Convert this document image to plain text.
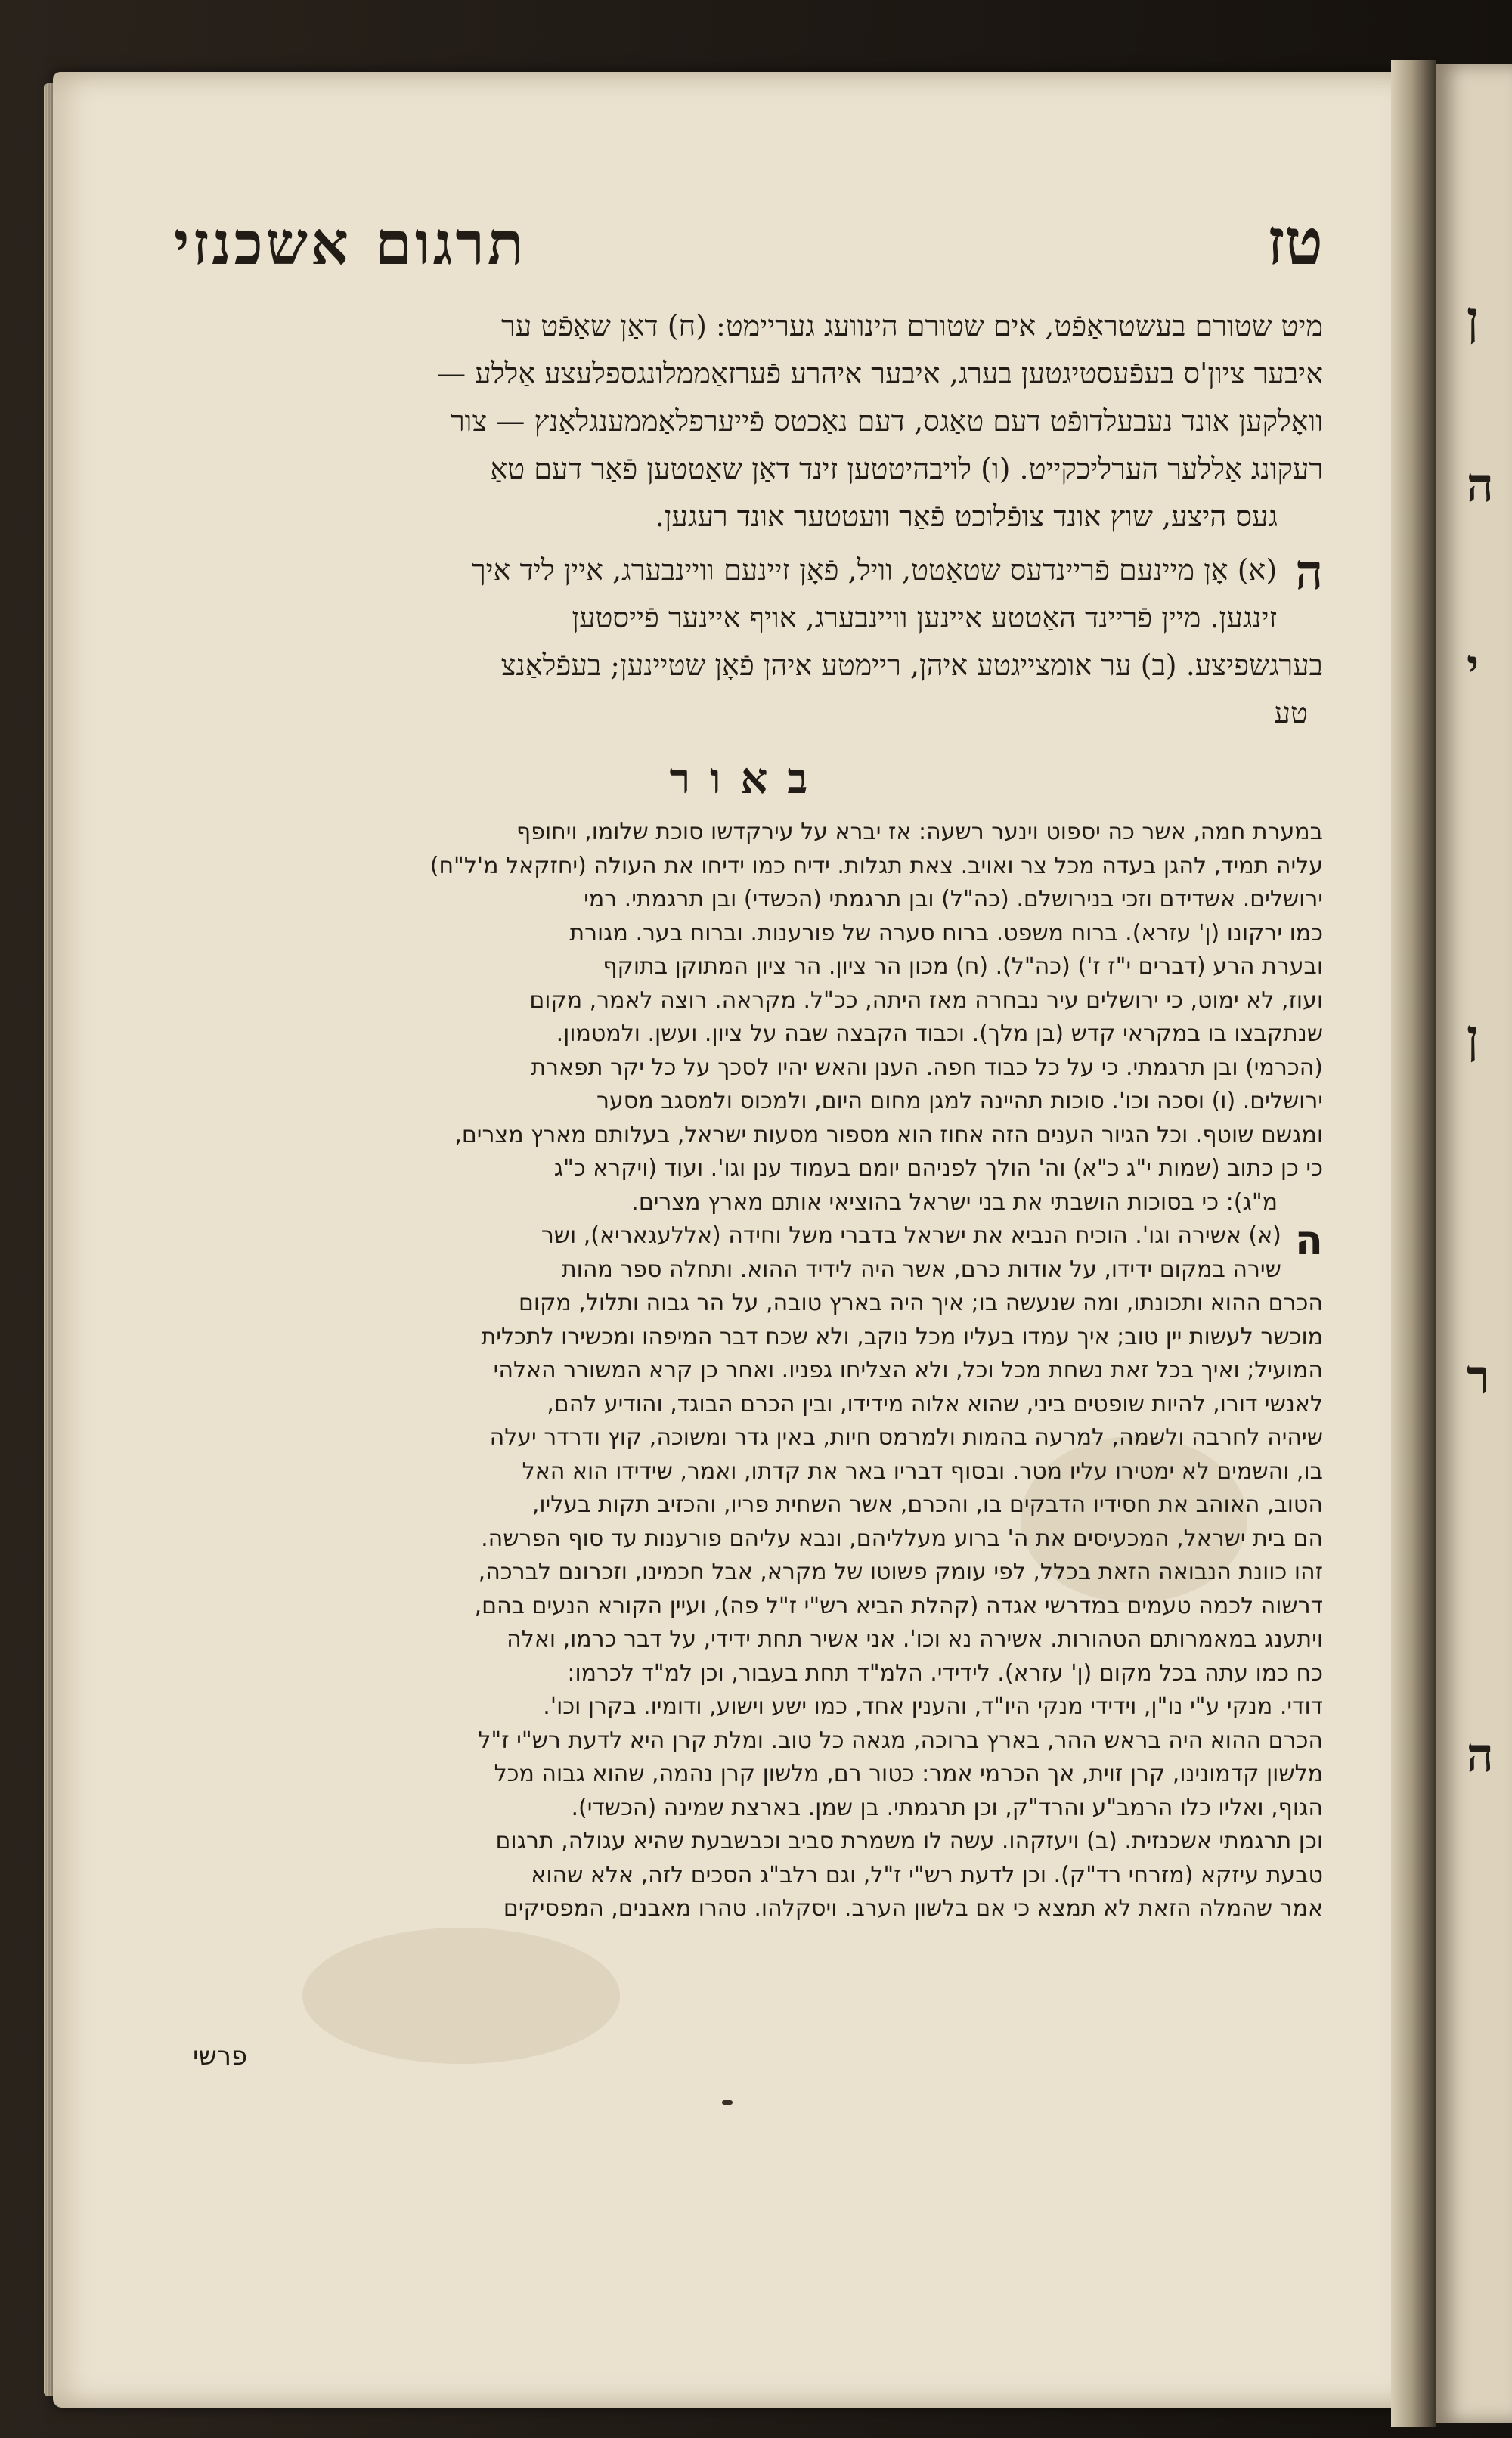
ן
ה
י
ן
ר
ה
טז
תרגום אשכנזי
מיט שטורם בעשטראַפֿט, אים שטורם הינוועג געריימט: (ח) דאַן שאַפֿט ער
איבער ציון'ס בעפֿעסטיגטען בערג, איבער איהרע פֿערזאַממלונגספלעצע אַללע —
וואָלקען אונד נעבעלדופֿט דעם טאַגס, דעם נאַכטס פֿייערפלאַממענגלאַנץ — צור
רעקונג אַללער הערליכקייט. (ו) לויבהיטטען זינד דאַן שאַטטען פֿאַר דעם טאַ
געס היצע, שוץ אונד צופֿלוכט פֿאַר וועטטער אונד רעגען.
ה
(א) אָן מיינעם פֿריינדעס שטאַטט, וויל, פֿאָן זיינעם וויינבערג, איין ליד איך
זינגען. מיין פֿריינד האַטטע איינען וויינבערג, אויף איינער פֿייסטען
בערגשפיצע. (ב) ער אומצייגטע איהן, ריימטע איהן פֿאָן שטיינען; בעפֿלאַנצ
טע
באור
במערת חמה, אשר כה יספוט וינער רשעה: אז יברא על עירקדשו סוכת שלומו, ויחופף
עליה תמיד, להגן בעדה מכל צר ואויב. צאת תגלות. ידיח כמו ידיחו את העולה (יחזקאל מ'ל"ח)
ירושלים. אשדידם וזכי בנירושלם. (כה"ל) ובן תרגמתי (הכשדי) ובן תרגמתי. רמי
כמו ירקונו (ן' עזרא). ברוח משפט. ברוח סערה של פורענות. וברוח בער. מגורת
ובערת הרע (דברים י"ז ז') (כה"ל). (ח) מכון הר ציון. הר ציון המתוקן בתוקף
ועוז, לא ימוט, כי ירושלים עיר נבחרה מאז היתה, ככ"ל. מקראה. רוצה לאמר, מקום
שנתקבצו בו במקראי קדש (בן מלך). וכבוד הקבצה שבה על ציון. ועשן. ולמטמון.
(הכרמי) ובן תרגמתי. כי על כל כבוד חפה. הענן והאש יהיו לסכך על כל יקר תפארת
ירושלים. (ו) וסכה וכו'. סוכות תהיינה למגן מחום היום, ולמכוס ולמסגב מסער
ומגשם שוטף. וכל הגיור הענים הזה אחוז הוא מספור מסעות ישראל, בעלותם מארץ מצרים,
כי כן כתוב (שמות י"ג כ"א) וה' הולך לפניהם יומם בעמוד ענן וגו'. ועוד (ויקרא כ"ג
מ"ג): כי בסוכות הושבתי את בני ישראל בהוציאי אותם מארץ מצרים.
ה
(א) אשירה וגו'. הוכיח הנביא את ישראל בדברי משל וחידה (אללעגאריא), ושר
שירה במקום ידידו, על אודות כרם, אשר היה לידיד ההוא. ותחלה ספר מהות
הכרם ההוא ותכונתו, ומה שנעשה בו; איך היה בארץ טובה, על הר גבוה ותלול, מקום
מוכשר לעשות יין טוב; איך עמדו בעליו מכל נוקב, ולא שכח דבר המיפהו ומכשירו לתכלית
המועיל; ואיך בכל זאת נשחת מכל וכל, ולא הצליחו גפניו. ואחר כן קרא המשורר האלהי
לאנשי דורו, להיות שופטים ביני, שהוא אלוה מידידו, ובין הכרם הבוגד, והודיע להם,
שיהיה לחרבה ולשמה, למרעה בהמות ולמרמס חיות, באין גדר ומשוכה, קוץ ודרדר יעלה
בו, והשמים לא ימטירו עליו מטר. ובסוף דבריו באר את קדתו, ואמר, שידידו הוא האל
הטוב, האוהב את חסידיו הדבקים בו, והכרם, אשר השחית פריו, והכזיב תקות בעליו,
הם בית ישראל, המכעיסים את ה' ברוע מעלליהם, ונבא עליהם פורענות עד סוף הפרשה.
זהו כוונת הנבואה הזאת בכלל, לפי עומק פשוטו של מקרא, אבל חכמינו, וזכרונם לברכה,
דרשוה לכמה טעמים במדרשי אגדה (קהלת הביא רש"י ז"ל פה), ועיין הקורא הנעים בהם,
ויתענג במאמרותם הטהורות. אשירה נא וכו'. אני אשיר תחת ידידי, על דבר כרמו, ואלה
כח כמו עתה בכל מקום (ן' עזרא). לידידי. הלמ"ד תחת בעבור, וכן למ"ד לכרמו:
דודי. מנקי ע"י נו"ן, וידידי מנקי היו"ד, והענין אחד, כמו ישע וישוע, ודומיו. בקרן וכו'.
הכרם ההוא היה בראש ההר, בארץ ברוכה, מגאה כל טוב. ומלת קרן היא לדעת רש"י ז"ל
מלשון קדמונינו, קרן זוית, אך הכרמי אמר: כטור רם, מלשון קרן נהמה, שהוא גבוה מכל
הגוף, ואליו כלו הרמב"ע והרד"ק, וכן תרגמתי. בן שמן. בארצת שמינה (הכשדי).
וכן תרגמתי אשכנזית. (ב) ויעזקהו. עשה לו משמרת סביב וכבשבעת שהיא עגולה, תרגום
טבעת עיזקא (מזרחי רד"ק). וכן לדעת רש"י ז"ל, וגם רלב"ג הסכים לזה, אלא שהוא
אמר שהמלה הזאת לא תמצא כי אם בלשון הערב. ויסקלהו. טהרו מאבנים, המפסיקים
פרשי
